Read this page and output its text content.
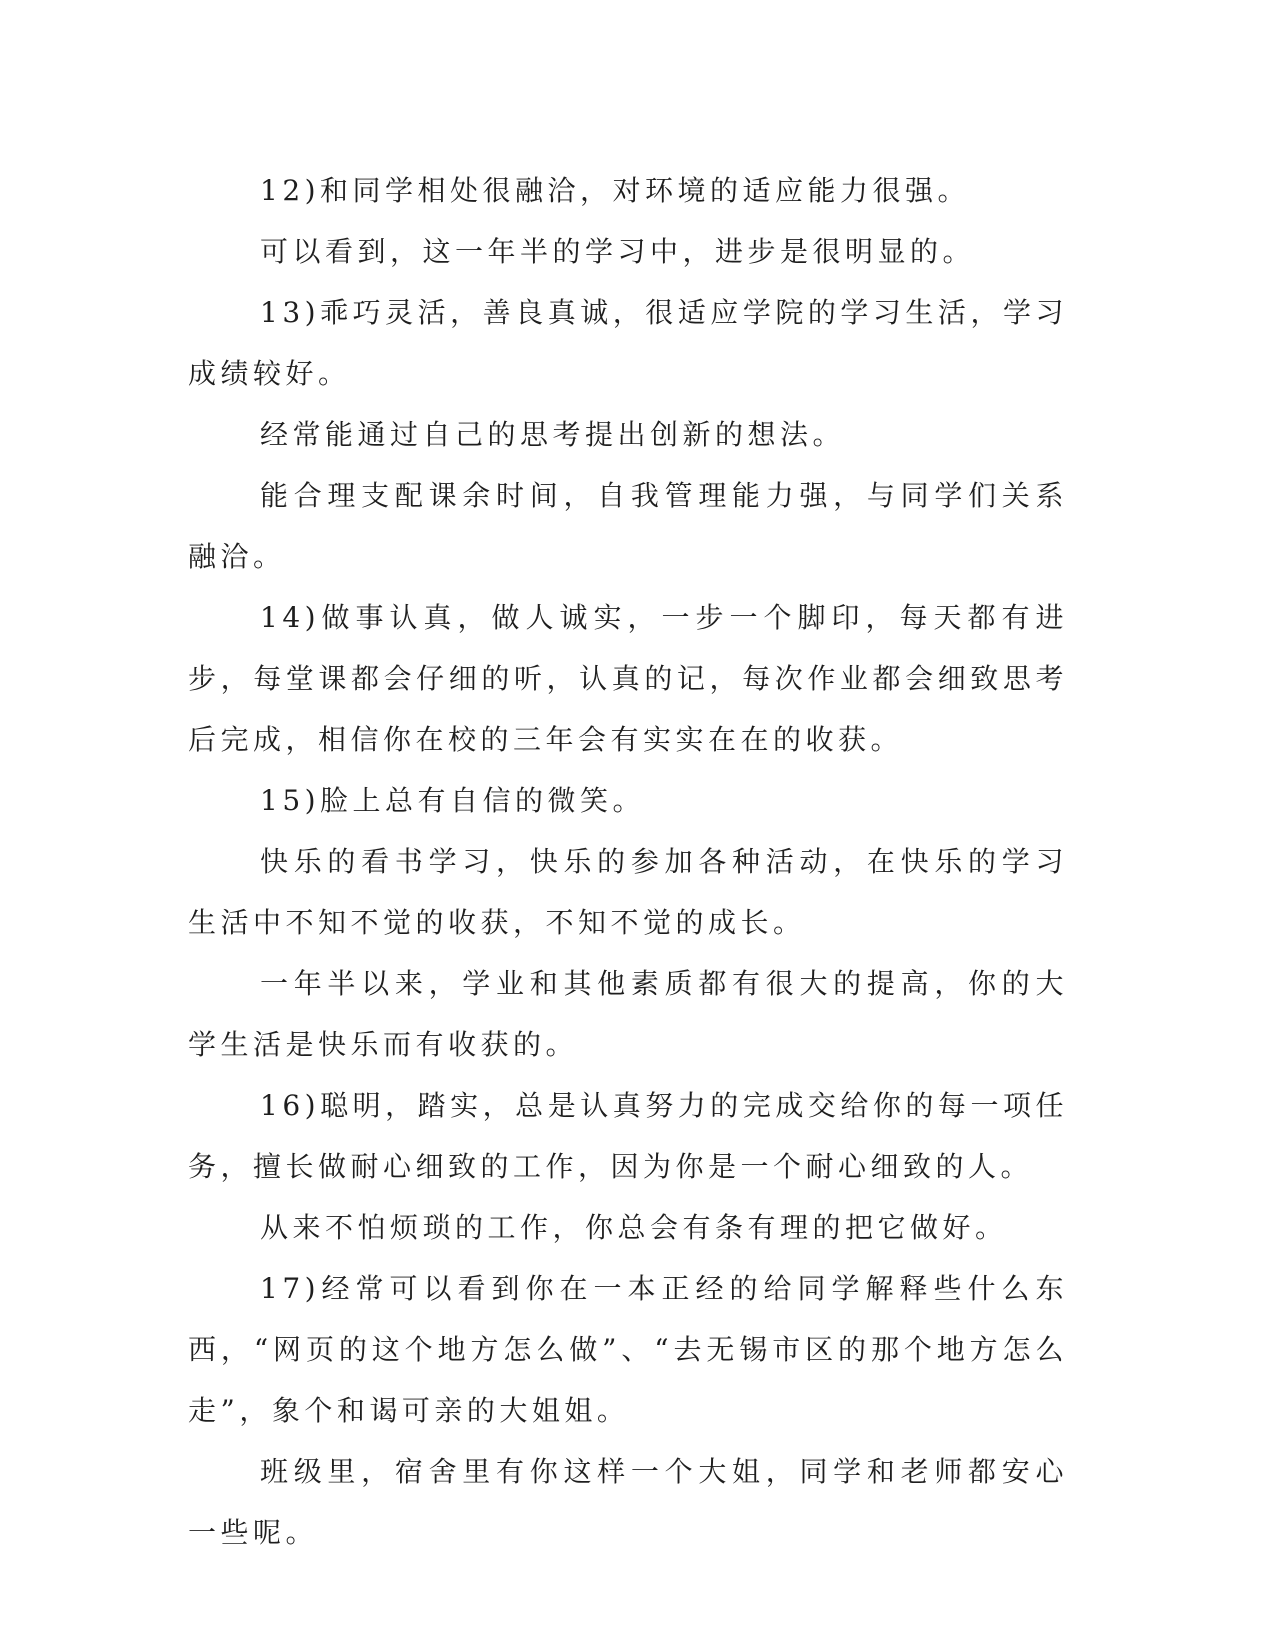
12)和同学相处很融洽，对环境的适应能力很强。

可以看到，这一年半的学习中，进步是很明显的。

13)乖巧灵活，善良真诚，很适应学院的学习生活，学习成绩较好。

经常能通过自己的思考提出创新的想法。

能合理支配课余时间，自我管理能力强，与同学们关系融洽。

14)做事认真，做人诚实，一步一个脚印，每天都有进步，每堂课都会仔细的听，认真的记，每次作业都会细致思考后完成，相信你在校的三年会有实实在在的收获。

15)脸上总有自信的微笑。

快乐的看书学习，快乐的参加各种活动，在快乐的学习生活中不知不觉的收获，不知不觉的成长。

一年半以来，学业和其他素质都有很大的提高，你的大学生活是快乐而有收获的。

16)聪明，踏实，总是认真努力的完成交给你的每一项任务，擅长做耐心细致的工作，因为你是一个耐心细致的人。

从来不怕烦琐的工作，你总会有条有理的把它做好。

17)经常可以看到你在一本正经的给同学解释些什么东西，“网页的这个地方怎么做”、“去无锡市区的那个地方怎么走”，象个和谒可亲的大姐姐。

班级里，宿舍里有你这样一个大姐，同学和老师都安心一些呢。
